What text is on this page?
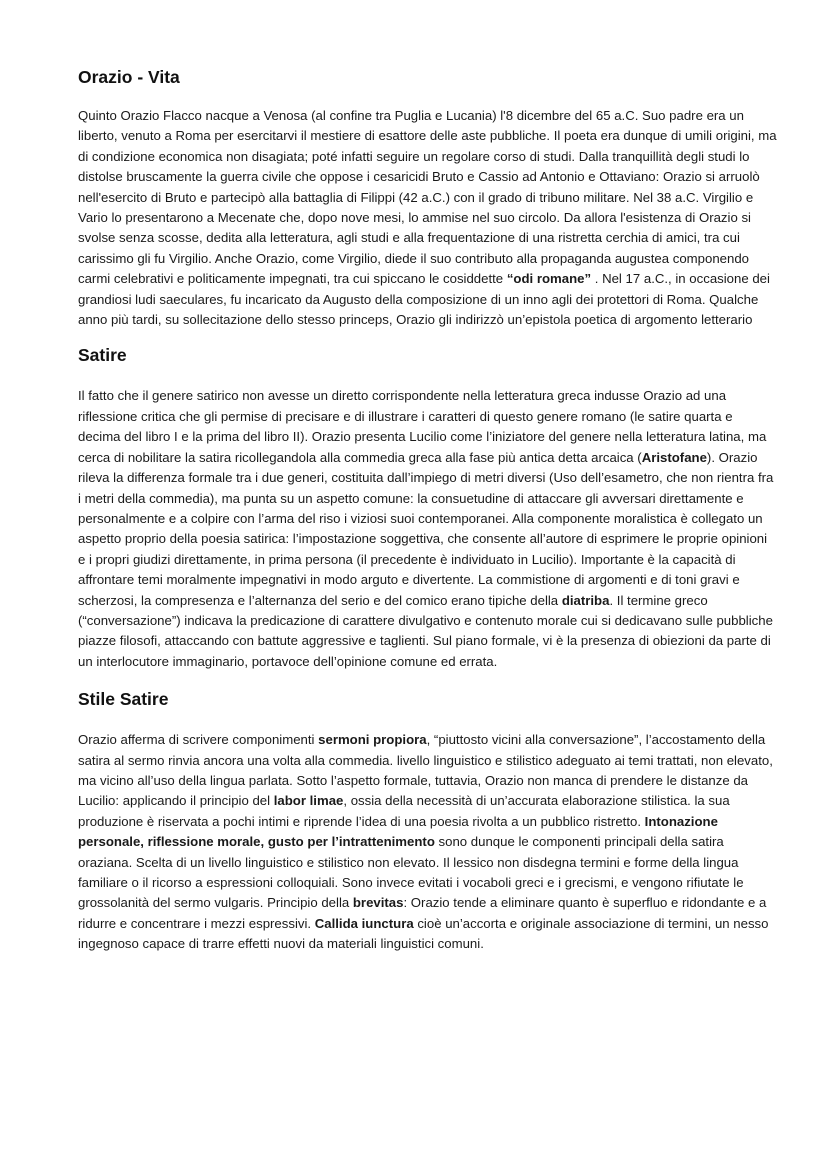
Orazio - Vita

Quinto Orazio Flacco nacque a Venosa (al confine tra Puglia e Lucania) l'8 dicembre del 65 a.C. Suo padre era un liberto, venuto a Roma per esercitarvi il mestiere di esattore delle aste pubbliche. Il poeta era dunque di umili origini, ma di condizione economica non disagiata; poté infatti seguire un regolare corso di studi. Dalla tranquillità degli studi lo distolse bruscamente la guerra civile che oppose i cesaricidi Bruto e Cassio ad Antonio e Ottaviano: Orazio si arruolò nell'esercito di Bruto e partecipò alla battaglia di Filippi (42 a.C.) con il grado di tribuno militare. Nel 38 a.C. Virgilio e Vario lo presentarono a Mecenate che, dopo nove mesi, lo ammise nel suo circolo. Da allora l'esistenza di Orazio si svolse senza scosse, dedita alla letteratura, agli studi e alla frequentazione di una ristretta cerchia di amici, tra cui carissimo gli fu Virgilio. Anche Orazio, come Virgilio, diede il suo contributo alla propaganda augustea componendo carmi celebrativi e politicamente impegnati, tra cui spiccano le cosiddette “odi romane” . Nel 17 a.C., in occasione dei grandiosi ludi saeculares, fu incaricato da Augusto della composizione di un inno agli dei protettori di Roma. Qualche anno più tardi, su sollecitazione dello stesso princeps, Orazio gli indirizzò un’epistola poetica di argomento letterario

Satire

Il fatto che il genere satirico non avesse un diretto corrispondente nella letteratura greca indusse Orazio ad una riflessione critica che gli permise di precisare e di illustrare i caratteri di questo genere romano (le satire quarta e decima del libro I e la prima del libro II). Orazio presenta Lucilio come l’iniziatore del genere nella letteratura latina, ma cerca di nobilitare la satira ricollegandola alla commedia greca alla fase più antica detta arcaica (Aristofane). Orazio rileva la differenza formale tra i due generi, costituita dall’impiego di metri diversi (Uso dell’esametro, che non rientra fra i metri della commedia), ma punta su un aspetto comune: la consuetudine di attaccare gli avversari direttamente e personalmente e a colpire con l’arma del riso i viziosi suoi contemporanei. Alla componente moralistica è collegato un aspetto proprio della poesia satirica: l’impostazione soggettiva, che consente all’autore di esprimere le proprie opinioni e i propri giudizi direttamente, in prima persona (il precedente è individuato in Lucilio). Importante è la capacità di affrontare temi moralmente impegnativi in modo arguto e divertente. La commistione di argomenti e di toni gravi e scherzosi, la compresenza e l’alternanza del serio e del comico erano tipiche della diatriba. Il termine greco (“conversazione”) indicava la predicazione di carattere divulgativo e contenuto morale cui si dedicavano sulle pubbliche piazze filosofi, attaccando con battute aggressive e taglienti. Sul piano formale, vi è la presenza di obiezioni da parte di un interlocutore immaginario, portavoce dell’opinione comune ed errata.

Stile Satire

Orazio afferma di scrivere componimenti sermoni propiora, “piuttosto vicini alla conversazione”, l’accostamento della satira al sermo rinvia ancora una volta alla commedia. livello linguistico e stilistico adeguato ai temi trattati, non elevato, ma vicino all’uso della lingua parlata. Sotto l’aspetto formale, tuttavia, Orazio non manca di prendere le distanze da Lucilio: applicando il principio del labor limae, ossia della necessità di un’accurata elaborazione stilistica. la sua produzione è riservata a pochi intimi e riprende l’idea di una poesia rivolta a un pubblico ristretto. Intonazione personale, riflessione morale, gusto per l’intrattenimento sono dunque le componenti principali della satira oraziana. Scelta di un livello linguistico e stilistico non elevato. Il lessico non disdegna termini e forme della lingua familiare o il ricorso a espressioni colloquiali. Sono invece evitati i vocaboli greci e i grecismi, e vengono rifiutate le grossolanità del sermo vulgaris. Principio della brevitas: Orazio tende a eliminare quanto è superfluo e ridondante e a ridurre e concentrare i mezzi espressivi. Callida iunctura cioè un’accorta e originale associazione di termini, un nesso ingegnoso capace di trarre effetti nuovi da materiali linguistici comuni.
